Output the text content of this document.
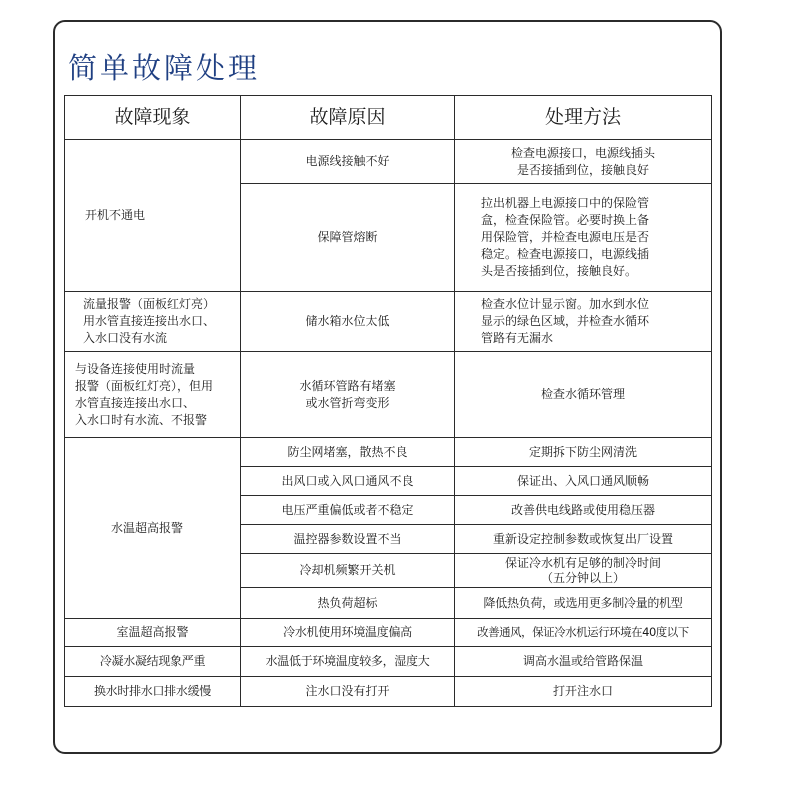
简单故障处理
故障现象	故障原因	处理方法
开机不通电	电源线接触不好	检查电源接口，电源线插头
是否接插到位，接触良好
	保障管熔断	拉出机器上电源接口中的保险管
盒，检查保险管。必要时换上备
用保险管，并检查电源电压是否
稳定。检查电源接口，电源线插
头是否接插到位，接触良好。
流量报警（面板红灯亮）
用水管直接连接出水口、
入水口没有水流	储水箱水位太低	检查水位计显示窗。加水到水位
显示的绿色区域，并检查水循环
管路有无漏水
与设备连接使用时流量
报警（面板红灯亮），但用
水管直接连接出水口、
入水口时有水流、不报警	水循环管路有堵塞
或水管折弯变形	检查水循环管理
水温超高报警	防尘网堵塞，散热不良	定期拆下防尘网清洗
	出风口或入风口通风不良	保证出、入风口通风顺畅
	电压严重偏低或者不稳定	改善供电线路或使用稳压器
	温控器参数设置不当	重新设定控制参数或恢复出厂设置
	冷却机频繁开关机	保证冷水机有足够的制冷时间
（五分钟以上）
	热负荷超标	降低热负荷，或选用更多制冷量的机型
室温超高报警	冷水机使用环境温度偏高	改善通风，保证冷水机运行环境在40度以下
冷凝水凝结现象严重	水温低于环境温度较多，湿度大	调高水温或给管路保温
换水时排水口排水缓慢	注水口没有打开	打开注水口
